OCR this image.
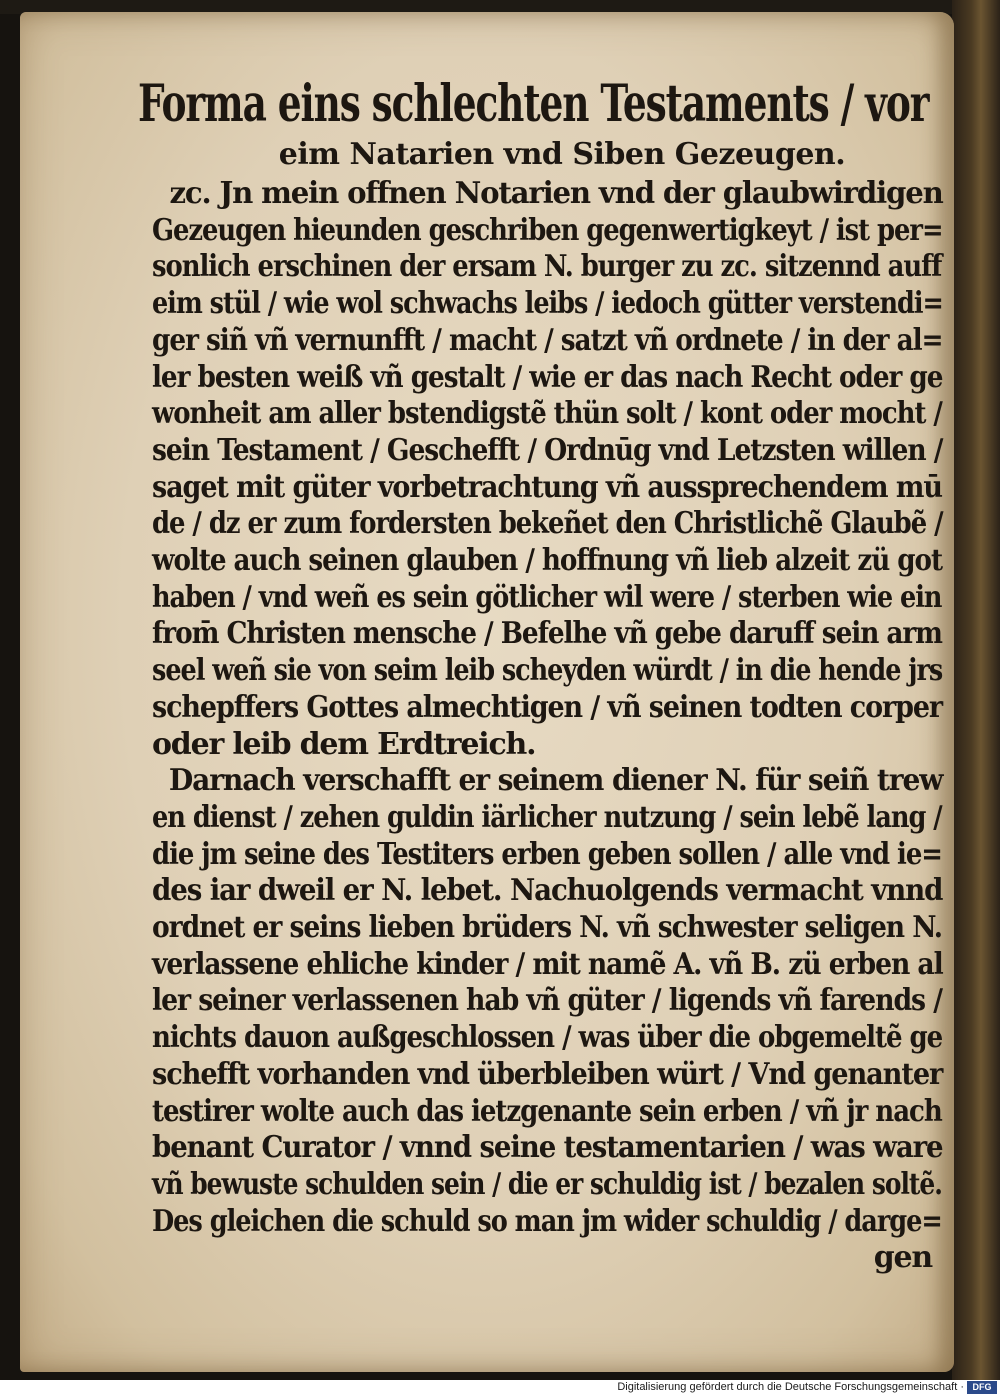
Forma eins schlechten Testaments / vor
eim Natarien vnd Siben Gezeugen.
zc. Jn mein offnen Notarien vnd der glaubwirdigen
Gezeugen hieunden geschriben gegenwertigkeyt / ist per=
sonlich erschinen der ersam N. burger zu zc. sitzennd auff
eim stül / wie wol schwachs leibs / iedoch gütter verstendi=
ger siñ vñ vernunfft / macht / satzt vñ ordnete / in der al=
ler besten weiß vñ gestalt / wie er das nach Recht oder ge
wonheit am aller bstendigstẽ thün solt / kont oder mocht /
sein Testament / Geschefft / Ordnūg vnd Letzsten willen /
saget mit güter vorbetrachtung vñ aussprechendem mū
de / dz er zum fordersten bekeñet den Christlichẽ Glaubẽ /
wolte auch seinen glauben / hoffnung vñ lieb alzeit zü got
haben / vnd weñ es sein götlicher wil were / sterben wie ein
from̄ Christen mensche / Befelhe vñ gebe daruff sein arm
seel weñ sie von seim leib scheyden würdt / in die hende jrs
schepffers Gottes almechtigen / vñ seinen todten corper
oder leib dem Erdtreich.
Darnach verschafft er seinem diener N. für seiñ trew
en dienst / zehen guldin iärlicher nutzung / sein lebẽ lang /
die jm seine des Testiters erben geben sollen / alle vnd ie=
des iar dweil er N. lebet. Nachuolgends vermacht vnnd
ordnet er seins lieben brüders N. vñ schwester seligen N.
verlassene ehliche kinder / mit namẽ A. vñ B. zü erben al
ler seiner verlassenen hab vñ güter / ligends vñ farends /
nichts dauon außgeschlossen / was über die obgemeltẽ ge
schefft vorhanden vnd überbleiben würt / Vnd genanter
testirer wolte auch das ietzgenante sein erben / vñ jr nach
benant Curator / vnnd seine testamentarien / was ware
vñ bewuste schulden sein / die er schuldig ist / bezalen soltẽ.
Des gleichen die schuld so man jm wider schuldig / darge=
gen
Digitalisierung gefördert durch die Deutsche Forschungsgemeinschaft · DFG
